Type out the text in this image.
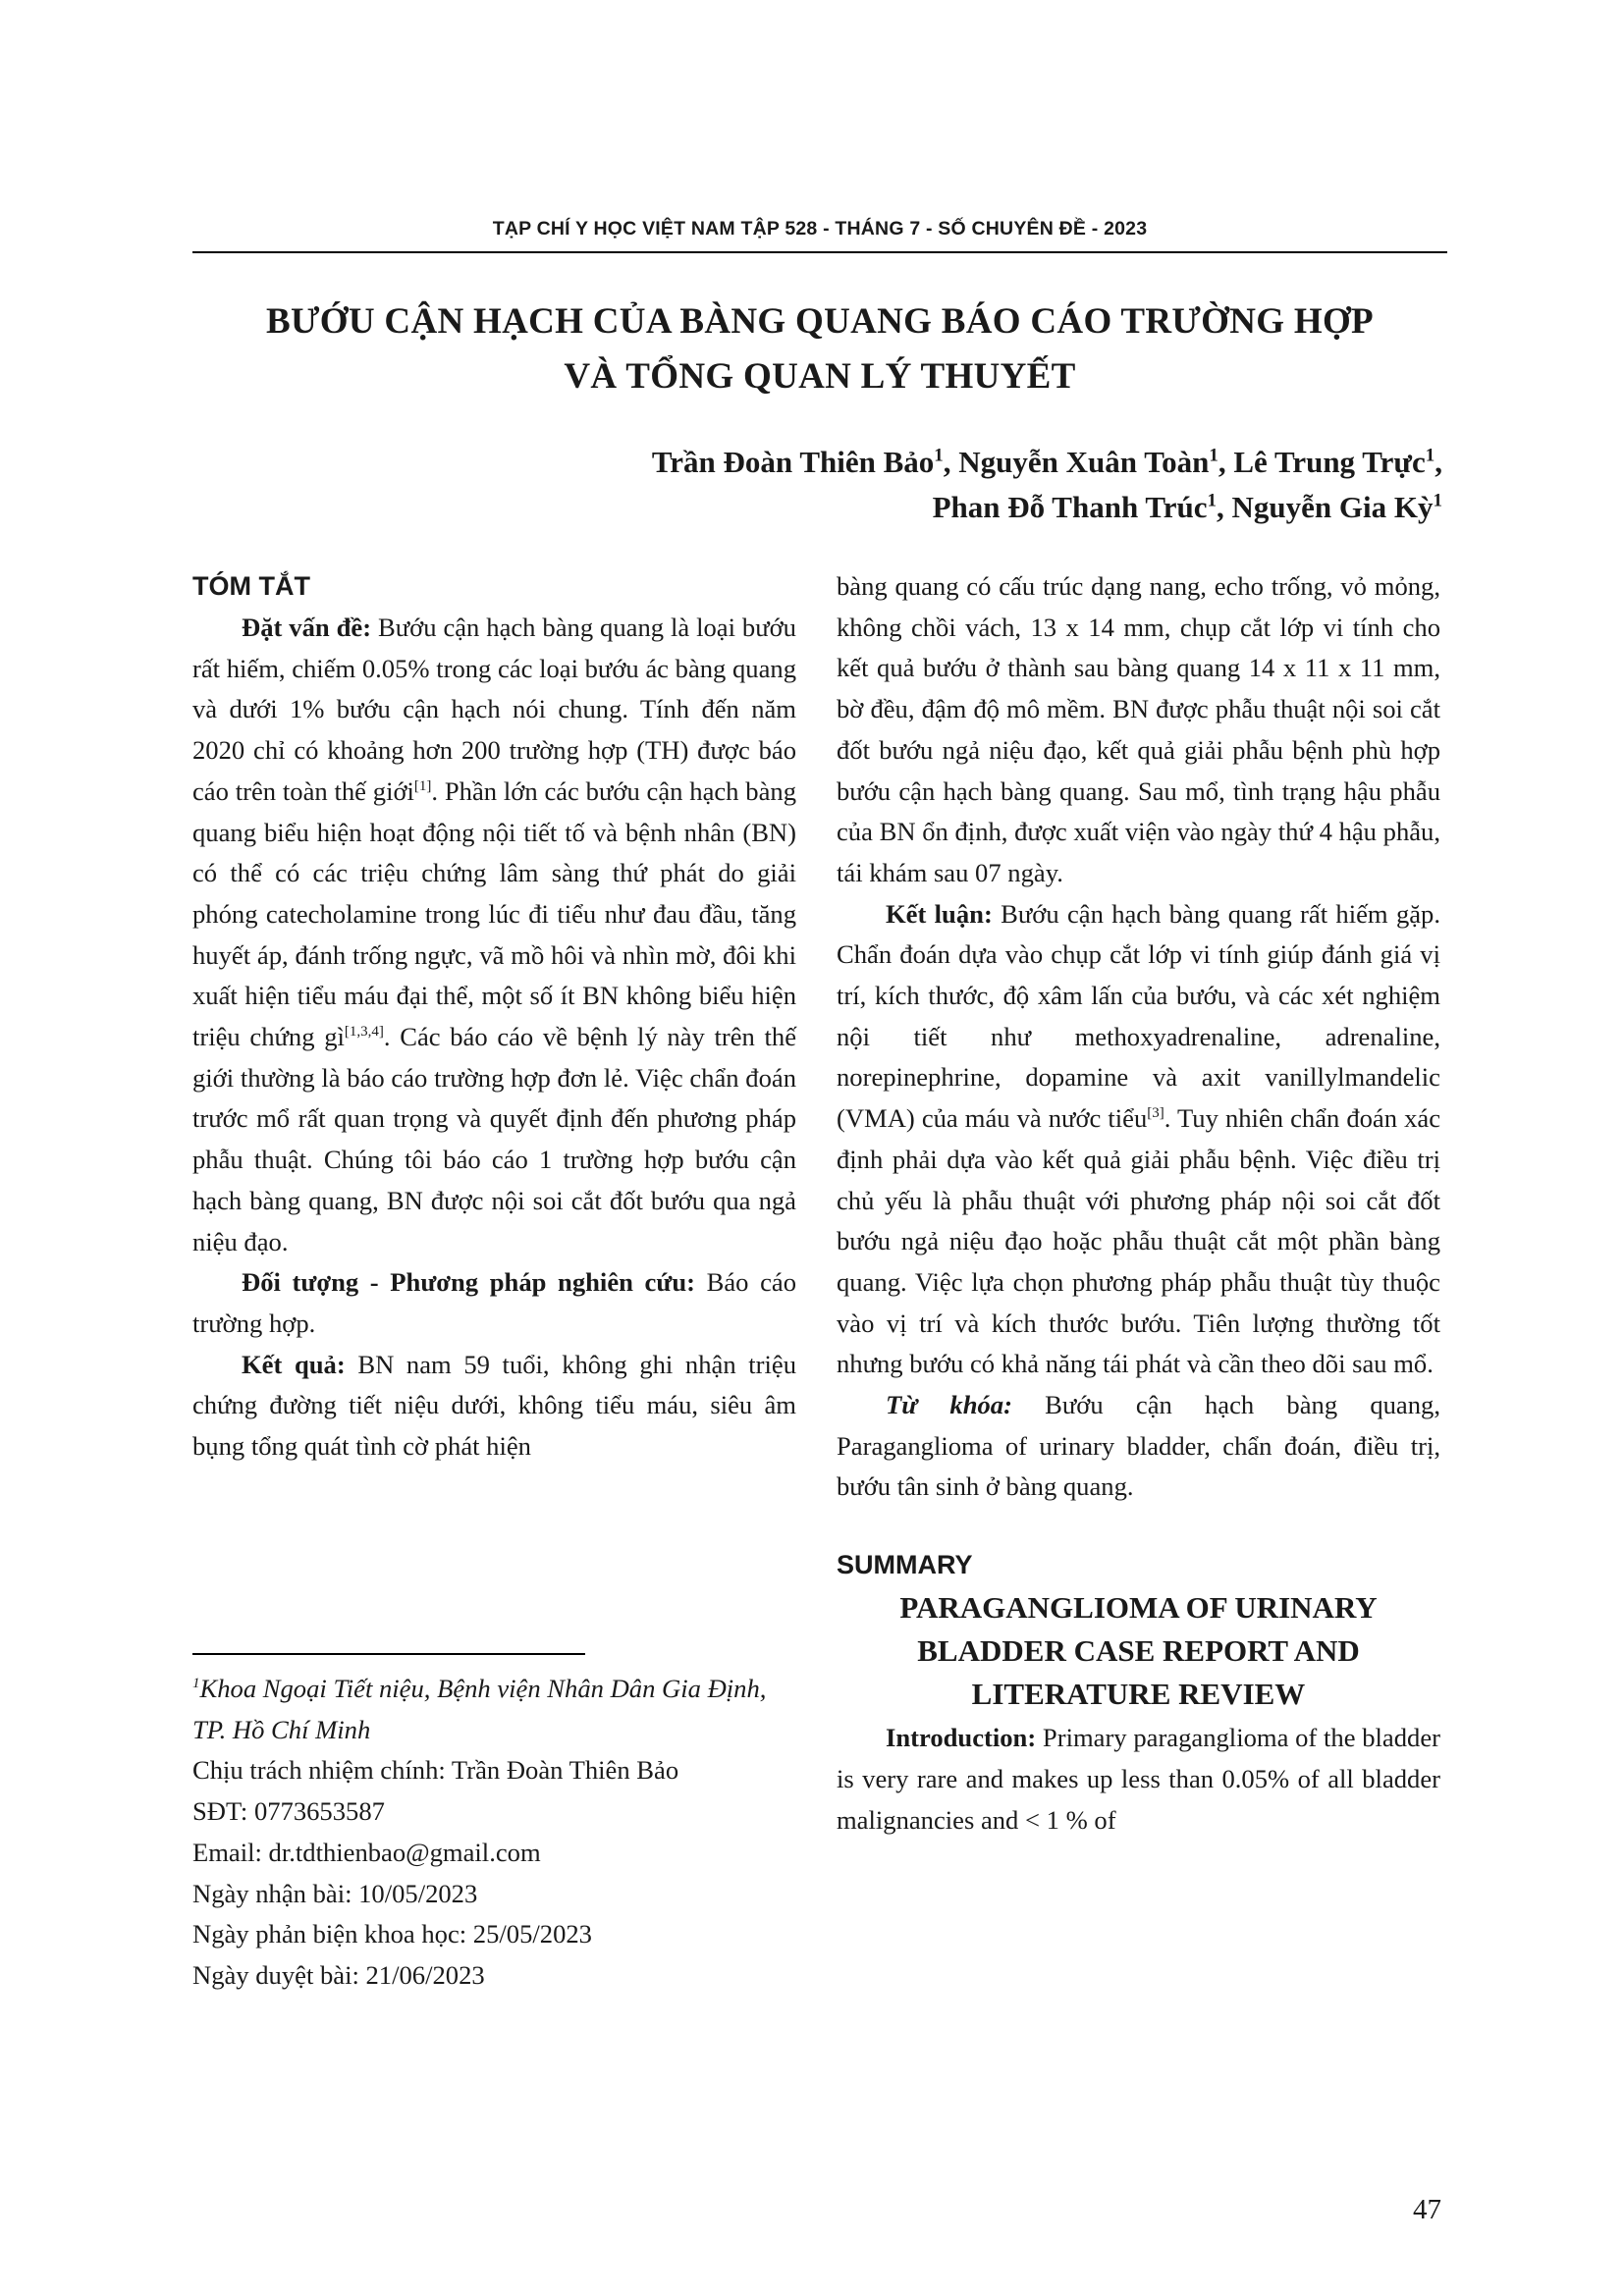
TẠP CHÍ Y HỌC VIỆT NAM TẬP 528 - THÁNG 7 - SỐ CHUYÊN ĐỀ - 2023
BƯỚU CẬN HẠCH CỦA BÀNG QUANG BÁO CÁO TRƯỜNG HỢP
VÀ TỔNG QUAN LÝ THUYẾT
Trần Đoàn Thiên Bảo$^1$, Nguyễn Xuân Toàn$^1$, Lê Trung Trực$^1$,
Phan Đỗ Thanh Trúc$^1$, Nguyễn Gia Kỳ$^1$
TÓM TẮT

Đặt vấn đề: Bướu cận hạch bàng quang là loại bướu rất hiếm, chiếm 0.05% trong các loại bướu ác bàng quang và dưới 1% bướu cận hạch nói chung. Tính đến năm 2020 chỉ có khoảng hơn 200 trường hợp (TH) được báo cáo trên toàn thế giới[1]. Phần lớn các bướu cận hạch bàng quang biểu hiện hoạt động nội tiết tố và bệnh nhân (BN) có thể có các triệu chứng lâm sàng thứ phát do giải phóng catecholamine trong lúc đi tiểu như đau đầu, tăng huyết áp, đánh trống ngực, vã mồ hôi và nhìn mờ, đôi khi xuất hiện tiểu máu đại thể, một số ít BN không biểu hiện triệu chứng gì[1,3,4]. Các báo cáo về bệnh lý này trên thế giới thường là báo cáo trường hợp đơn lẻ. Việc chẩn đoán trước mổ rất quan trọng và quyết định đến phương pháp phẫu thuật. Chúng tôi báo cáo 1 trường hợp bướu cận hạch bàng quang, BN được nội soi cắt đốt bướu qua ngả niệu đạo.

Đối tượng - Phương pháp nghiên cứu: Báo cáo trường hợp.

Kết quả: BN nam 59 tuổi, không ghi nhận triệu chứng đường tiết niệu dưới, không tiểu máu, siêu âm bụng tổng quát tình cờ phát hiện

$^1$Khoa Ngoại Tiết niệu, Bệnh viện Nhân Dân Gia Định, TP. Hồ Chí Minh

Chịu trách nhiệm chính: Trần Đoàn Thiên Bảo

SĐT: 0773653587

Email: dr.tdthienbao@gmail.com

Ngày nhận bài: 10/05/2023

Ngày phản biện khoa học: 25/05/2023

Ngày duyệt bài: 21/06/2023

bàng quang có cấu trúc dạng nang, echo trống, vỏ mỏng, không chồi vách, 13 x 14 mm, chụp cắt lớp vi tính cho kết quả bướu ở thành sau bàng quang 14 x 11 x 11 mm, bờ đều, đậm độ mô mềm. BN được phẫu thuật nội soi cắt đốt bướu ngả niệu đạo, kết quả giải phẫu bệnh phù hợp bướu cận hạch bàng quang. Sau mổ, tình trạng hậu phẫu của BN ổn định, được xuất viện vào ngày thứ 4 hậu phẫu, tái khám sau 07 ngày.

Kết luận: Bướu cận hạch bàng quang rất hiếm gặp. Chẩn đoán dựa vào chụp cắt lớp vi tính giúp đánh giá vị trí, kích thước, độ xâm lấn của bướu, và các xét nghiệm nội tiết như methoxyadrenaline, adrenaline, norepinephrine, dopamine và axit vanillylmandelic (VMA) của máu và nước tiểu[3]. Tuy nhiên chẩn đoán xác định phải dựa vào kết quả giải phẫu bệnh. Việc điều trị chủ yếu là phẫu thuật với phương pháp nội soi cắt đốt bướu ngả niệu đạo hoặc phẫu thuật cắt một phần bàng quang. Việc lựa chọn phương pháp phẫu thuật tùy thuộc vào vị trí và kích thước bướu. Tiên lượng thường tốt nhưng bướu có khả năng tái phát và cần theo dõi sau mổ.

Từ khóa: Bướu cận hạch bàng quang, Paraganglioma of urinary bladder, chẩn đoán, điều trị, bướu tân sinh ở bàng quang.

SUMMARY
PARAGANGLIOMA OF URINARY
BLADDER CASE REPORT AND
LITERATURE REVIEW

Introduction: Primary paraganglioma of the bladder is very rare and makes up less than 0.05% of all bladder malignancies and < 1 % of

47
